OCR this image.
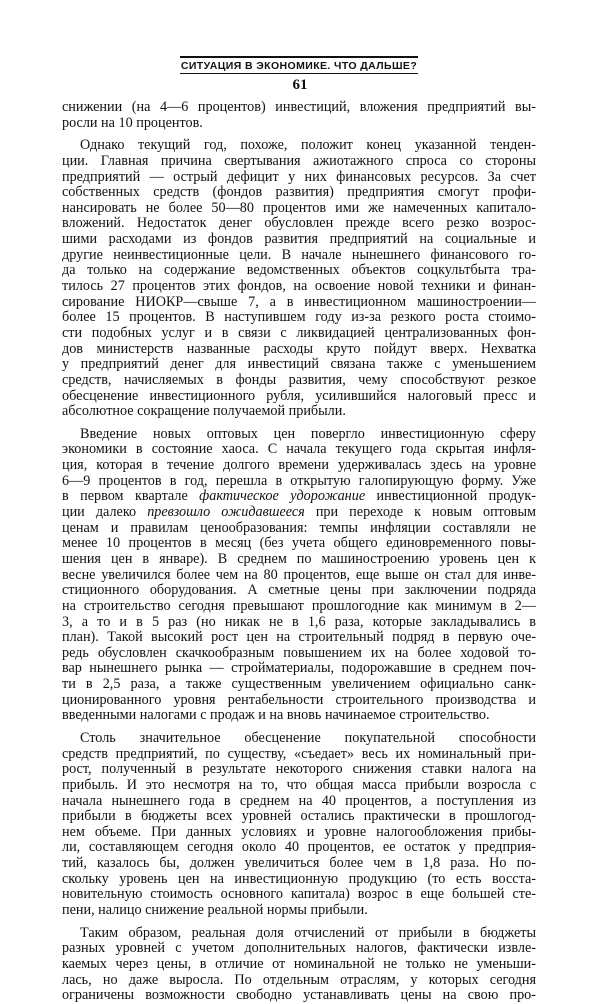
СИТУАЦИЯ В ЭКОНОМИКЕ. ЧТО ДАЛЬШЕ?
61

снижении (на 4—6 процентов) инвестиций, вложения предприятий вы-
росли на 10 процентов.

Однако текущий год, похоже, положит конец указанной тенден-
ции. Главная причина свертывания ажиотажного спроса со стороны
предприятий — острый дефицит у них финансовых ресурсов. За счет
собственных средств (фондов развития) предприятия смогут профи-
нансировать не более 50—80 процентов ими же намеченных капитало-
вложений. Недостаток денег обусловлен прежде всего резко возрос-
шими расходами из фондов развития предприятий на социальные и
другие неинвестиционные цели. В начале нынешнего финансового го-
да только на содержание ведомственных объектов соцкультбыта тра-
тилось 27 процентов этих фондов, на освоение новой техники и финан-
сирование НИОКР—свыше 7, а в инвестиционном машиностроении—
более 15 процентов. В наступившем году из-за резкого роста стоимо-
сти подобных услуг и в связи с ликвидацией централизованных фон-
дов министерств названные расходы круто пойдут вверх. Нехватка
у предприятий денег для инвестиций связана также с уменьшением
средств, начисляемых в фонды развития, чему способствуют резкое
обесценение инвестиционного рубля, усилившийся налоговый пресс и
абсолютное сокращение получаемой прибыли.

Введение новых оптовых цен повергло инвестиционную сферу
экономики в состояние хаоса. С начала текущего года скрытая инфля-
ция, которая в течение долгого времени удерживалась здесь на уровне
6—9 процентов в год, перешла в открытую галопирующую форму. Уже
в первом квартале фактическое удорожание инвестиционной продук-
ции далеко превзошло ожидавшееся при переходе к новым оптовым
ценам и правилам ценообразования: темпы инфляции составляли не
менее 10 процентов в месяц (без учета общего единовременного повы-
шения цен в январе). В среднем по машиностроению уровень цен к
весне увеличился более чем на 80 процентов, еще выше он стал для инве-
стиционного оборудования. А сметные цены при заключении подряда
на строительство сегодня превышают прошлогодние как минимум в 2—
3, а то и в 5 раз (но никак не в 1,6 раза, которые закладывались в
план). Такой высокий рост цен на строительный подряд в первую оче-
редь обусловлен скачкообразным повышением их на более ходовой то-
вар нынешнего рынка — стройматериалы, подорожавшие в среднем поч-
ти в 2,5 раза, а также существенным увеличением официально санк-
ционированного уровня рентабельности строительного производства и
введенными налогами с продаж и на вновь начинаемое строительство.

Столь значительное обесценение покупательной способности
средств предприятий, по существу, «съедает» весь их номинальный при-
рост, полученный в результате некоторого снижения ставки налога на
прибыль. И это несмотря на то, что общая масса прибыли возросла с
начала нынешнего года в среднем на 40 процентов, а поступления из
прибыли в бюджеты всех уровней остались практически в прошлогод-
нем объеме. При данных условиях и уровне налогообложения прибы-
ли, составляющем сегодня около 40 процентов, ее остаток у предприя-
тий, казалось бы, должен увеличиться более чем в 1,8 раза. Но по-
скольку уровень цен на инвестиционную продукцию (то есть восста-
новительную стоимость основного капитала) возрос в еще большей сте-
пени, налицо снижение реальной нормы прибыли.

Таким образом, реальная доля отчислений от прибыли в бюджеты
разных уровней с учетом дополнительных налогов, фактически извле-
каемых через цены, в отличие от номинальной не только не уменьши-
лась, но даже выросла. По отдельным отраслям, у которых сегодня
ограничены возможности свободно устанавливать цены на свою про-
